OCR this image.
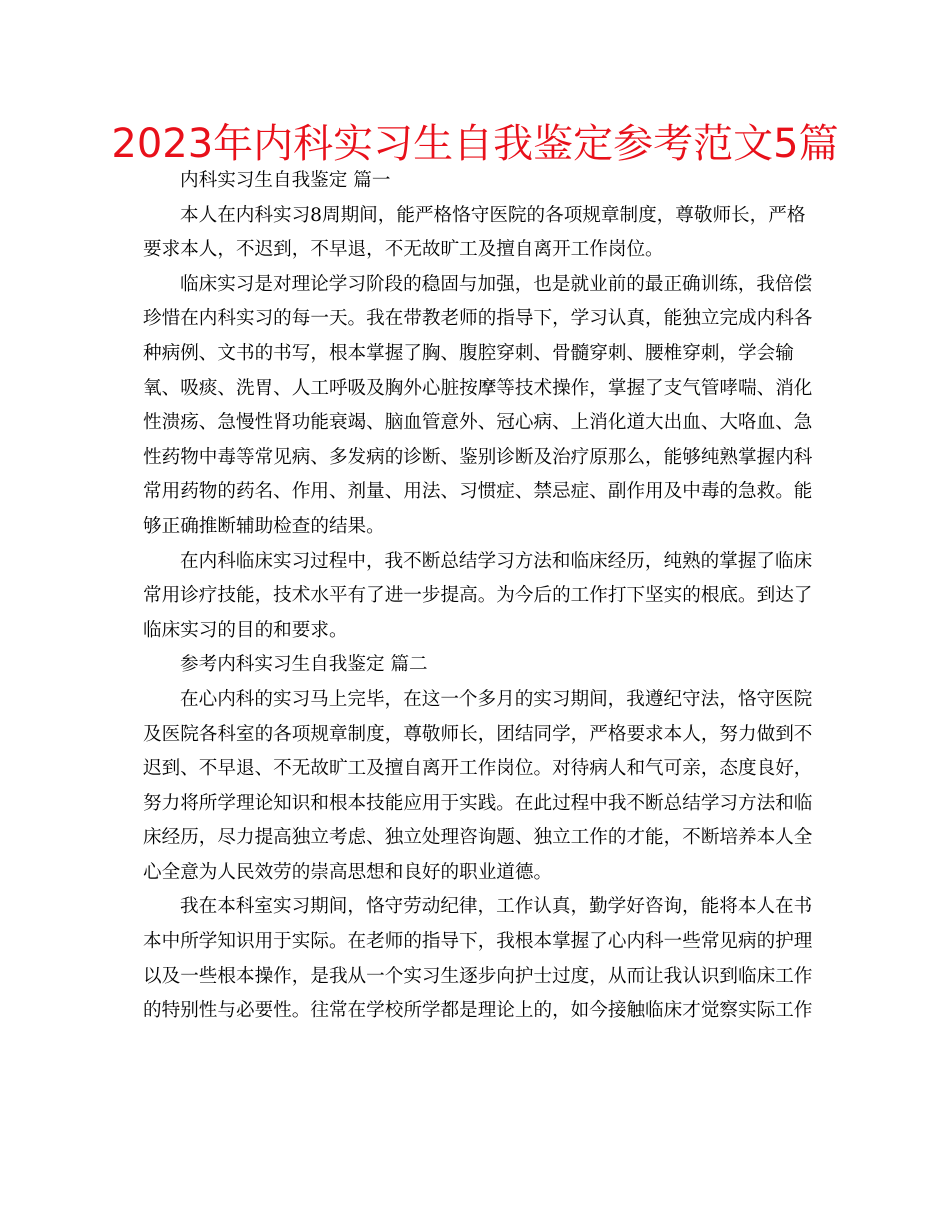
2023年内科实习生自我鉴定参考范文5篇
内科实习生自我鉴定 篇一
本人在内科实习8周期间，能严格恪守医院的各项规章制度，尊敬师长，严格
要求本人，不迟到，不早退，不无故旷工及擅自离开工作岗位。
临床实习是对理论学习阶段的稳固与加强，也是就业前的最正确训练，我倍偿
珍惜在内科实习的每一天。我在带教老师的指导下，学习认真，能独立完成内科各
种病例、文书的书写，根本掌握了胸、腹腔穿刺、骨髓穿刺、腰椎穿刺，学会输
氧、吸痰、洗胃、人工呼吸及胸外心脏按摩等技术操作，掌握了支气管哮喘、消化
性溃疡、急慢性肾功能衰竭、脑血管意外、冠心病、上消化道大出血、大咯血、急
性药物中毒等常见病、多发病的诊断、鉴别诊断及治疗原那么，能够纯熟掌握内科
常用药物的药名、作用、剂量、用法、习惯症、禁忌症、副作用及中毒的急救。能
够正确推断辅助检查的结果。
在内科临床实习过程中，我不断总结学习方法和临床经历，纯熟的掌握了临床
常用诊疗技能，技术水平有了进一步提高。为今后的工作打下坚实的根底。到达了
临床实习的目的和要求。
参考内科实习生自我鉴定 篇二
在心内科的实习马上完毕，在这一个多月的实习期间，我遵纪守法，恪守医院
及医院各科室的各项规章制度，尊敬师长，团结同学，严格要求本人，努力做到不
迟到、不早退、不无故旷工及擅自离开工作岗位。对待病人和气可亲，态度良好，
努力将所学理论知识和根本技能应用于实践。在此过程中我不断总结学习方法和临
床经历，尽力提高独立考虑、独立处理咨询题、独立工作的才能，不断培养本人全
心全意为人民效劳的崇高思想和良好的职业道德。
我在本科室实习期间，恪守劳动纪律，工作认真，勤学好咨询，能将本人在书
本中所学知识用于实际。在老师的指导下，我根本掌握了心内科一些常见病的护理
以及一些根本操作，是我从一个实习生逐步向护士过度，从而让我认识到临床工作
的特别性与必要性。往常在学校所学都是理论上的，如今接触临床才觉察实际工作
